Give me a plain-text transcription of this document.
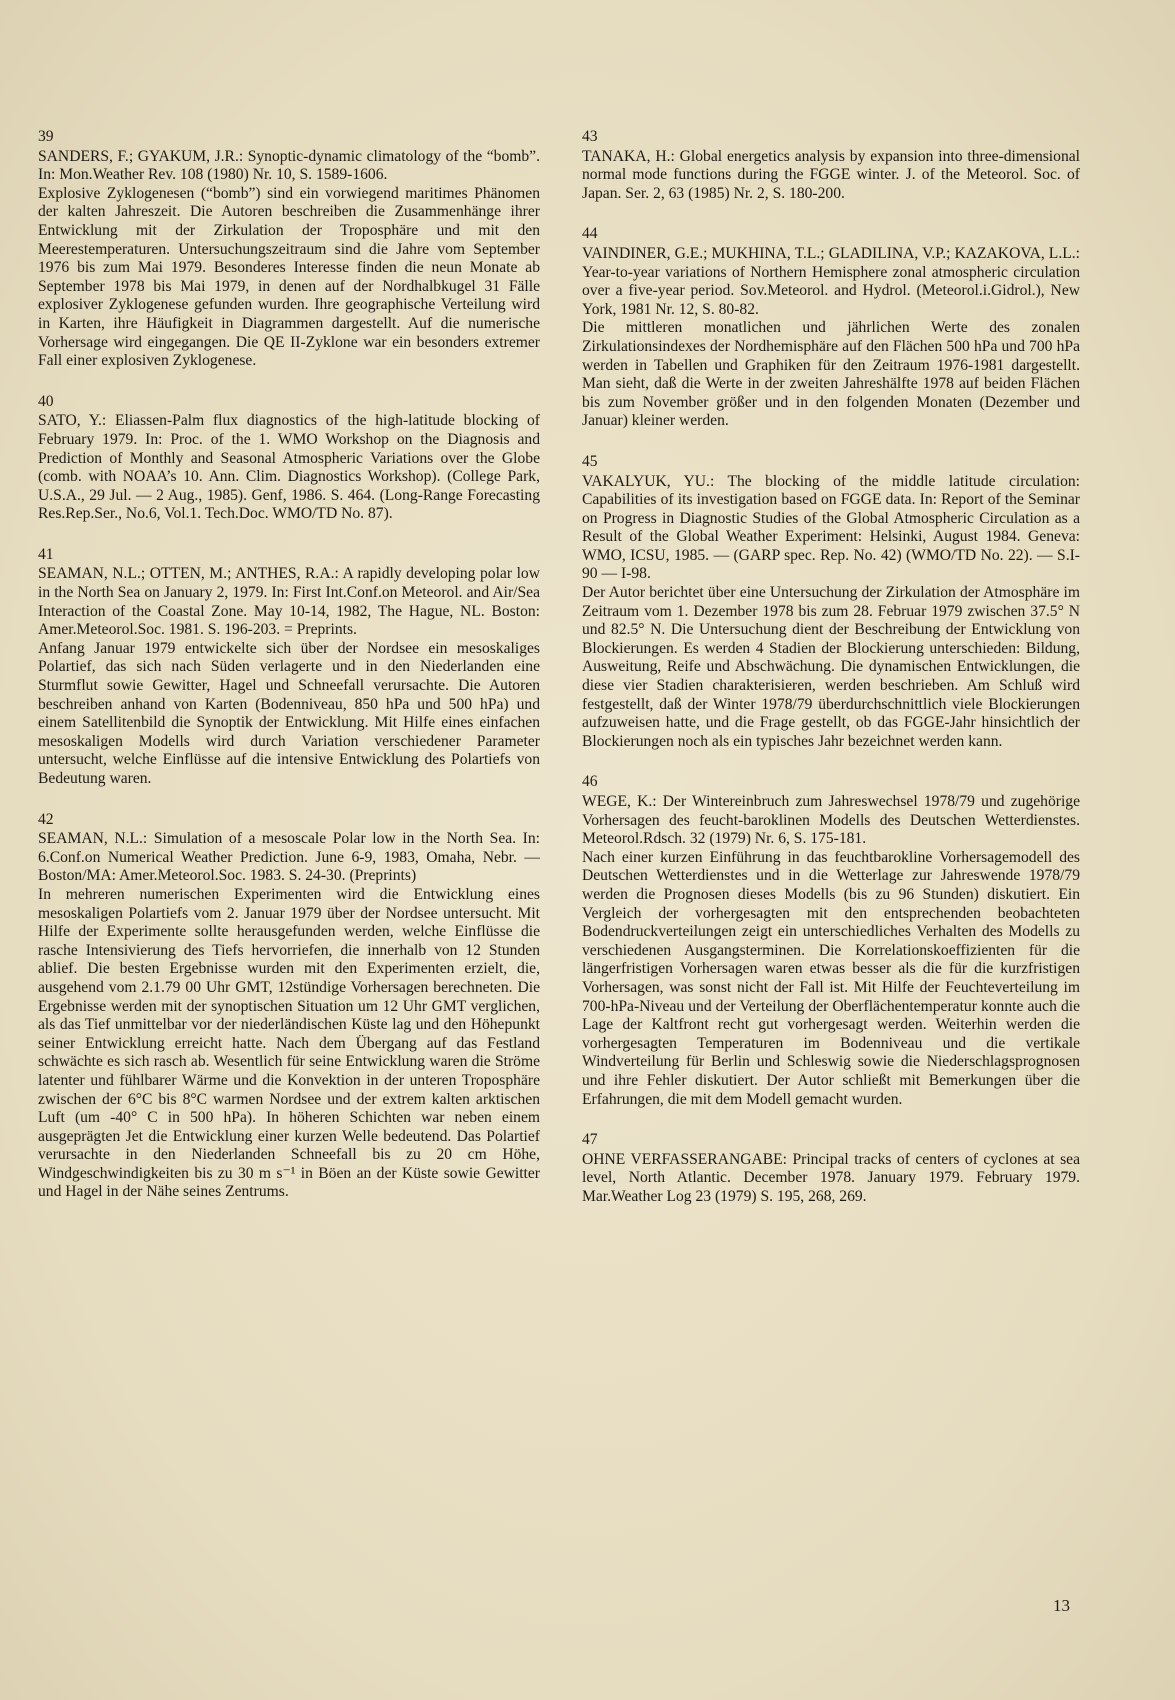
39
SANDERS, F.; GYAKUM, J.R.: Synoptic-dynamic climatology of the “bomb”. In: Mon.Weather Rev. 108 (1980) Nr. 10, S. 1589-1606.
Explosive Zyklogenesen (“bomb”) sind ein vorwiegend maritimes Phänomen der kalten Jahreszeit. Die Autoren beschreiben die Zusammenhänge ihrer Entwicklung mit der Zirkulation der Troposphäre und mit den Meerestemperaturen. Untersuchungszeitraum sind die Jahre vom September 1976 bis zum Mai 1979. Besonderes Interesse finden die neun Monate ab September 1978 bis Mai 1979, in denen auf der Nordhalbkugel 31 Fälle explosiver Zyklogenese gefunden wurden. Ihre geographische Verteilung wird in Karten, ihre Häufigkeit in Diagrammen dargestellt. Auf die numerische Vorhersage wird eingegangen. Die QE II-Zyklone war ein besonders extremer Fall einer explosiven Zyklogenese.
40
SATO, Y.: Eliassen-Palm flux diagnostics of the high-latitude blocking of February 1979. In: Proc. of the 1. WMO Workshop on the Diagnosis and Prediction of Monthly and Seasonal Atmospheric Variations over the Globe (comb. with NOAA’s 10. Ann. Clim. Diagnostics Workshop). (College Park, U.S.A., 29 Jul. — 2 Aug., 1985). Genf, 1986. S. 464. (Long-Range Forecasting Res.Rep.Ser., No.6, Vol.1. Tech.Doc. WMO/TD No. 87).
41
SEAMAN, N.L.; OTTEN, M.; ANTHES, R.A.: A rapidly developing polar low in the North Sea on January 2, 1979. In: First Int.Conf.on Meteorol. and Air/Sea Interaction of the Coastal Zone. May 10-14, 1982, The Hague, NL. Boston: Amer.Meteorol.Soc. 1981. S. 196-203. = Preprints.
Anfang Januar 1979 entwickelte sich über der Nordsee ein mesoskaliges Polartief, das sich nach Süden verlagerte und in den Niederlanden eine Sturmflut sowie Gewitter, Hagel und Schneefall verursachte. Die Autoren beschreiben anhand von Karten (Bodenniveau, 850 hPa und 500 hPa) und einem Satellitenbild die Synoptik der Entwicklung. Mit Hilfe eines einfachen mesoskaligen Modells wird durch Variation verschiedener Parameter untersucht, welche Einflüsse auf die intensive Entwicklung des Polartiefs von Bedeutung waren.
42
SEAMAN, N.L.: Simulation of a mesoscale Polar low in the North Sea. In: 6.Conf.on Numerical Weather Prediction. June 6-9, 1983, Omaha, Nebr. — Boston/MA: Amer.Meteorol.Soc. 1983. S. 24-30. (Preprints)
In mehreren numerischen Experimenten wird die Entwicklung eines mesoskaligen Polartiefs vom 2. Januar 1979 über der Nordsee untersucht. Mit Hilfe der Experimente sollte herausgefunden werden, welche Einflüsse die rasche Intensivierung des Tiefs hervorriefen, die innerhalb von 12 Stunden ablief. Die besten Ergebnisse wurden mit den Experimenten erzielt, die, ausgehend vom 2.1.79 00 Uhr GMT, 12stündige Vorhersagen berechneten. Die Ergebnisse werden mit der synoptischen Situation um 12 Uhr GMT verglichen, als das Tief unmittelbar vor der niederländischen Küste lag und den Höhepunkt seiner Entwicklung erreicht hatte. Nach dem Übergang auf das Festland schwächte es sich rasch ab. Wesentlich für seine Entwicklung waren die Ströme latenter und fühlbarer Wärme und die Konvektion in der unteren Troposphäre zwischen der 6°C bis 8°C warmen Nordsee und der extrem kalten arktischen Luft (um -40° C in 500 hPa). In höheren Schichten war neben einem ausgeprägten Jet die Entwicklung einer kurzen Welle bedeutend. Das Polartief verursachte in den Niederlanden Schneefall bis zu 20 cm Höhe, Windgeschwindigkeiten bis zu 30 m s⁻¹ in Böen an der Küste sowie Gewitter und Hagel in der Nähe seines Zentrums.
43
TANAKA, H.: Global energetics analysis by expansion into three-dimensional normal mode functions during the FGGE winter. J. of the Meteorol. Soc. of Japan. Ser. 2, 63 (1985) Nr. 2, S. 180-200.
44
VAINDINER, G.E.; MUKHINA, T.L.; GLADILINA, V.P.; KAZAKOVA, L.L.: Year-to-year variations of Northern Hemisphere zonal atmospheric circulation over a five-year period. Sov.Meteorol. and Hydrol. (Meteorol.i.Gidrol.), New York, 1981 Nr. 12, S. 80-82.
Die mittleren monatlichen und jährlichen Werte des zonalen Zirkulationsindexes der Nordhemisphäre auf den Flächen 500 hPa und 700 hPa werden in Tabellen und Graphiken für den Zeitraum 1976-1981 dargestellt. Man sieht, daß die Werte in der zweiten Jahreshälfte 1978 auf beiden Flächen bis zum November größer und in den folgenden Monaten (Dezember und Januar) kleiner werden.
45
VAKALYUK, YU.: The blocking of the middle latitude circulation: Capabilities of its investigation based on FGGE data. In: Report of the Seminar on Progress in Diagnostic Studies of the Global Atmospheric Circulation as a Result of the Global Weather Experiment: Helsinki, August 1984. Geneva: WMO, ICSU, 1985. — (GARP spec. Rep. No. 42) (WMO/TD No. 22). — S.I-90 — I-98.
Der Autor berichtet über eine Untersuchung der Zirkulation der Atmosphäre im Zeitraum vom 1. Dezember 1978 bis zum 28. Februar 1979 zwischen 37.5° N und 82.5° N. Die Untersuchung dient der Beschreibung der Entwicklung von Blockierungen. Es werden 4 Stadien der Blockierung unterschieden: Bildung, Ausweitung, Reife und Abschwächung. Die dynamischen Entwicklungen, die diese vier Stadien charakterisieren, werden beschrieben. Am Schluß wird festgestellt, daß der Winter 1978/79 überdurchschnittlich viele Blockierungen aufzuweisen hatte, und die Frage gestellt, ob das FGGE-Jahr hinsichtlich der Blockierungen noch als ein typisches Jahr bezeichnet werden kann.
46
WEGE, K.: Der Wintereinbruch zum Jahreswechsel 1978/79 und zugehörige Vorhersagen des feucht-baroklinen Modells des Deutschen Wetterdienstes. Meteorol.Rdsch. 32 (1979) Nr. 6, S. 175-181.
Nach einer kurzen Einführung in das feuchtbarokline Vorhersagemodell des Deutschen Wetterdienstes und in die Wetterlage zur Jahreswende 1978/79 werden die Prognosen dieses Modells (bis zu 96 Stunden) diskutiert. Ein Vergleich der vorhergesagten mit den entsprechenden beobachteten Bodendruckverteilungen zeigt ein unterschiedliches Verhalten des Modells zu verschiedenen Ausgangsterminen. Die Korrelationskoeffizienten für die längerfristigen Vorhersagen waren etwas besser als die für die kurzfristigen Vorhersagen, was sonst nicht der Fall ist. Mit Hilfe der Feuchteverteilung im 700-hPa-Niveau und der Verteilung der Oberflächentemperatur konnte auch die Lage der Kaltfront recht gut vorhergesagt werden. Weiterhin werden die vorhergesagten Temperaturen im Bodenniveau und die vertikale Windverteilung für Berlin und Schleswig sowie die Niederschlagsprognosen und ihre Fehler diskutiert. Der Autor schließt mit Bemerkungen über die Erfahrungen, die mit dem Modell gemacht wurden.
47
OHNE VERFASSERANGABE: Principal tracks of centers of cyclones at sea level, North Atlantic. December 1978. January 1979. February 1979. Mar.Weather Log 23 (1979) S. 195, 268, 269.
13
